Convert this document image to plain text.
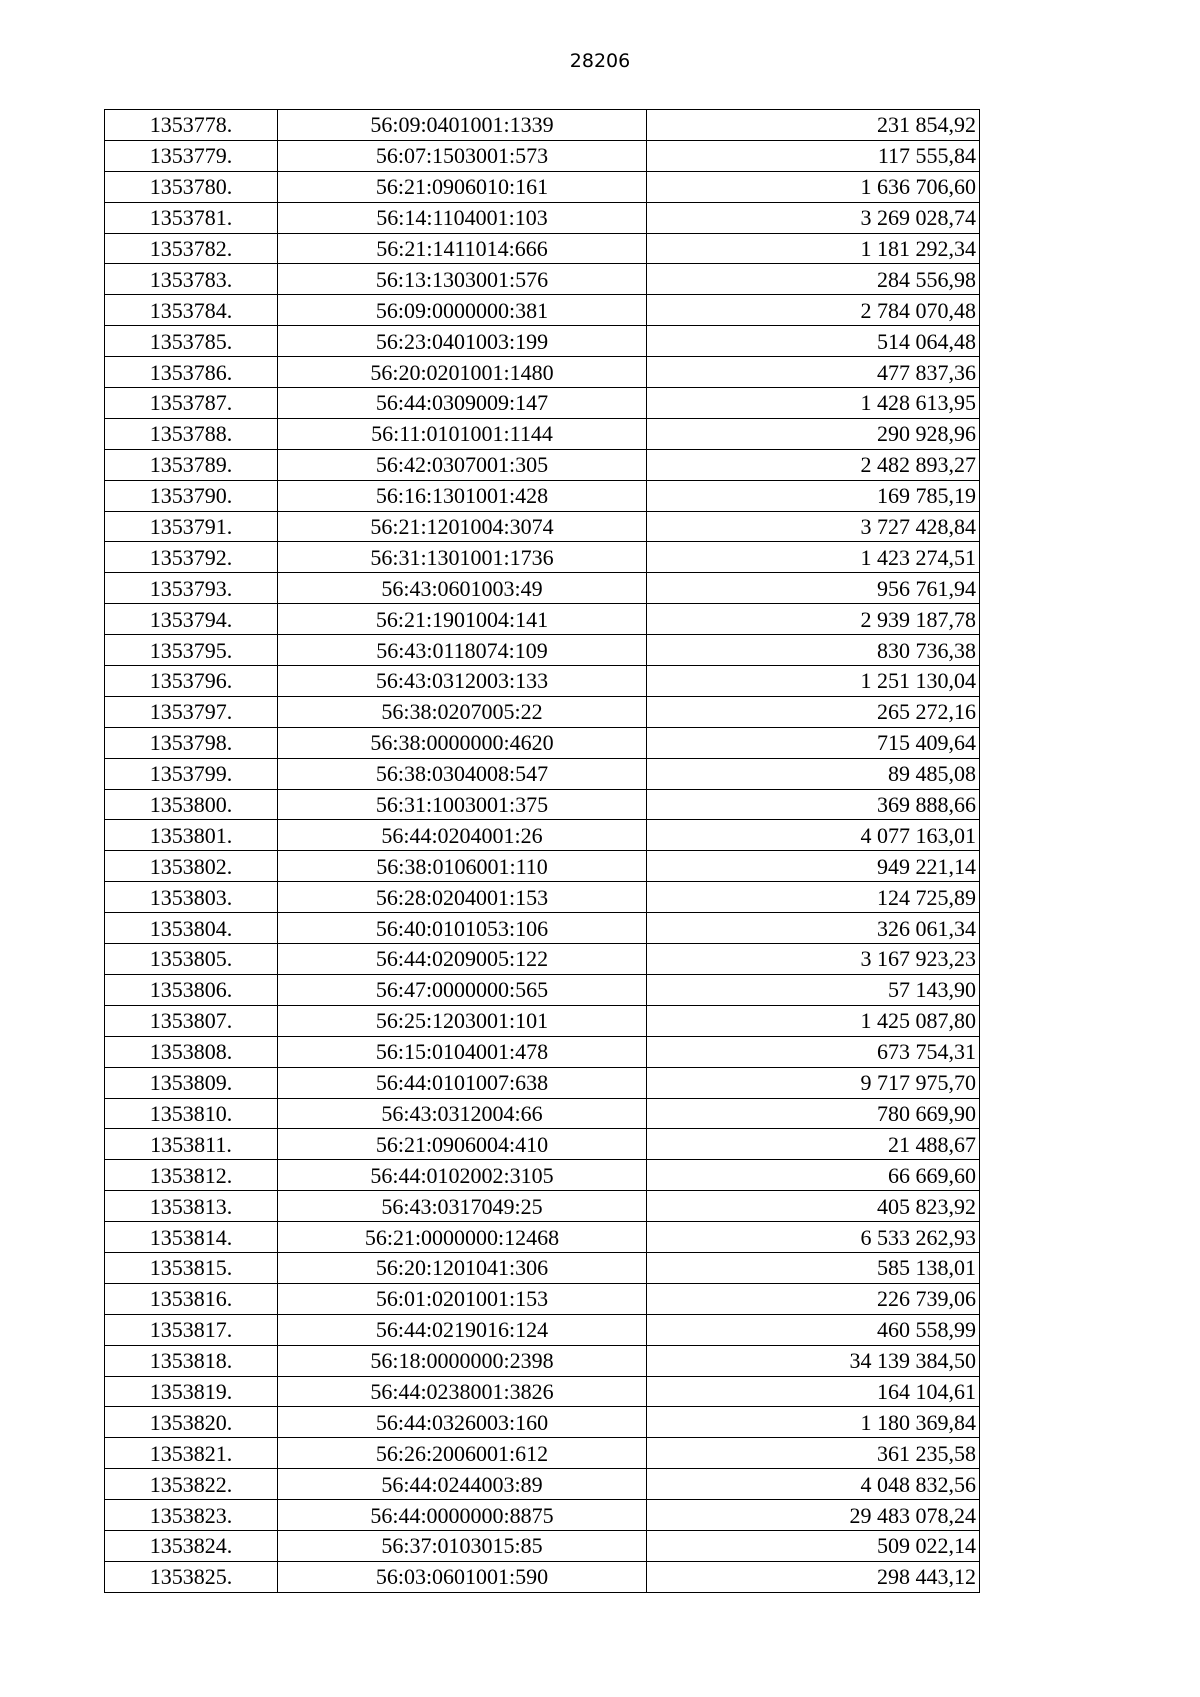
28206
1353778.	56:09:0401001:1339	231 854,92
1353779.	56:07:1503001:573	117 555,84
1353780.	56:21:0906010:161	1 636 706,60
1353781.	56:14:1104001:103	3 269 028,74
1353782.	56:21:1411014:666	1 181 292,34
1353783.	56:13:1303001:576	284 556,98
1353784.	56:09:0000000:381	2 784 070,48
1353785.	56:23:0401003:199	514 064,48
1353786.	56:20:0201001:1480	477 837,36
1353787.	56:44:0309009:147	1 428 613,95
1353788.	56:11:0101001:1144	290 928,96
1353789.	56:42:0307001:305	2 482 893,27
1353790.	56:16:1301001:428	169 785,19
1353791.	56:21:1201004:3074	3 727 428,84
1353792.	56:31:1301001:1736	1 423 274,51
1353793.	56:43:0601003:49	956 761,94
1353794.	56:21:1901004:141	2 939 187,78
1353795.	56:43:0118074:109	830 736,38
1353796.	56:43:0312003:133	1 251 130,04
1353797.	56:38:0207005:22	265 272,16
1353798.	56:38:0000000:4620	715 409,64
1353799.	56:38:0304008:547	89 485,08
1353800.	56:31:1003001:375	369 888,66
1353801.	56:44:0204001:26	4 077 163,01
1353802.	56:38:0106001:110	949 221,14
1353803.	56:28:0204001:153	124 725,89
1353804.	56:40:0101053:106	326 061,34
1353805.	56:44:0209005:122	3 167 923,23
1353806.	56:47:0000000:565	57 143,90
1353807.	56:25:1203001:101	1 425 087,80
1353808.	56:15:0104001:478	673 754,31
1353809.	56:44:0101007:638	9 717 975,70
1353810.	56:43:0312004:66	780 669,90
1353811.	56:21:0906004:410	21 488,67
1353812.	56:44:0102002:3105	66 669,60
1353813.	56:43:0317049:25	405 823,92
1353814.	56:21:0000000:12468	6 533 262,93
1353815.	56:20:1201041:306	585 138,01
1353816.	56:01:0201001:153	226 739,06
1353817.	56:44:0219016:124	460 558,99
1353818.	56:18:0000000:2398	34 139 384,50
1353819.	56:44:0238001:3826	164 104,61
1353820.	56:44:0326003:160	1 180 369,84
1353821.	56:26:2006001:612	361 235,58
1353822.	56:44:0244003:89	4 048 832,56
1353823.	56:44:0000000:8875	29 483 078,24
1353824.	56:37:0103015:85	509 022,14
1353825.	56:03:0601001:590	298 443,12
